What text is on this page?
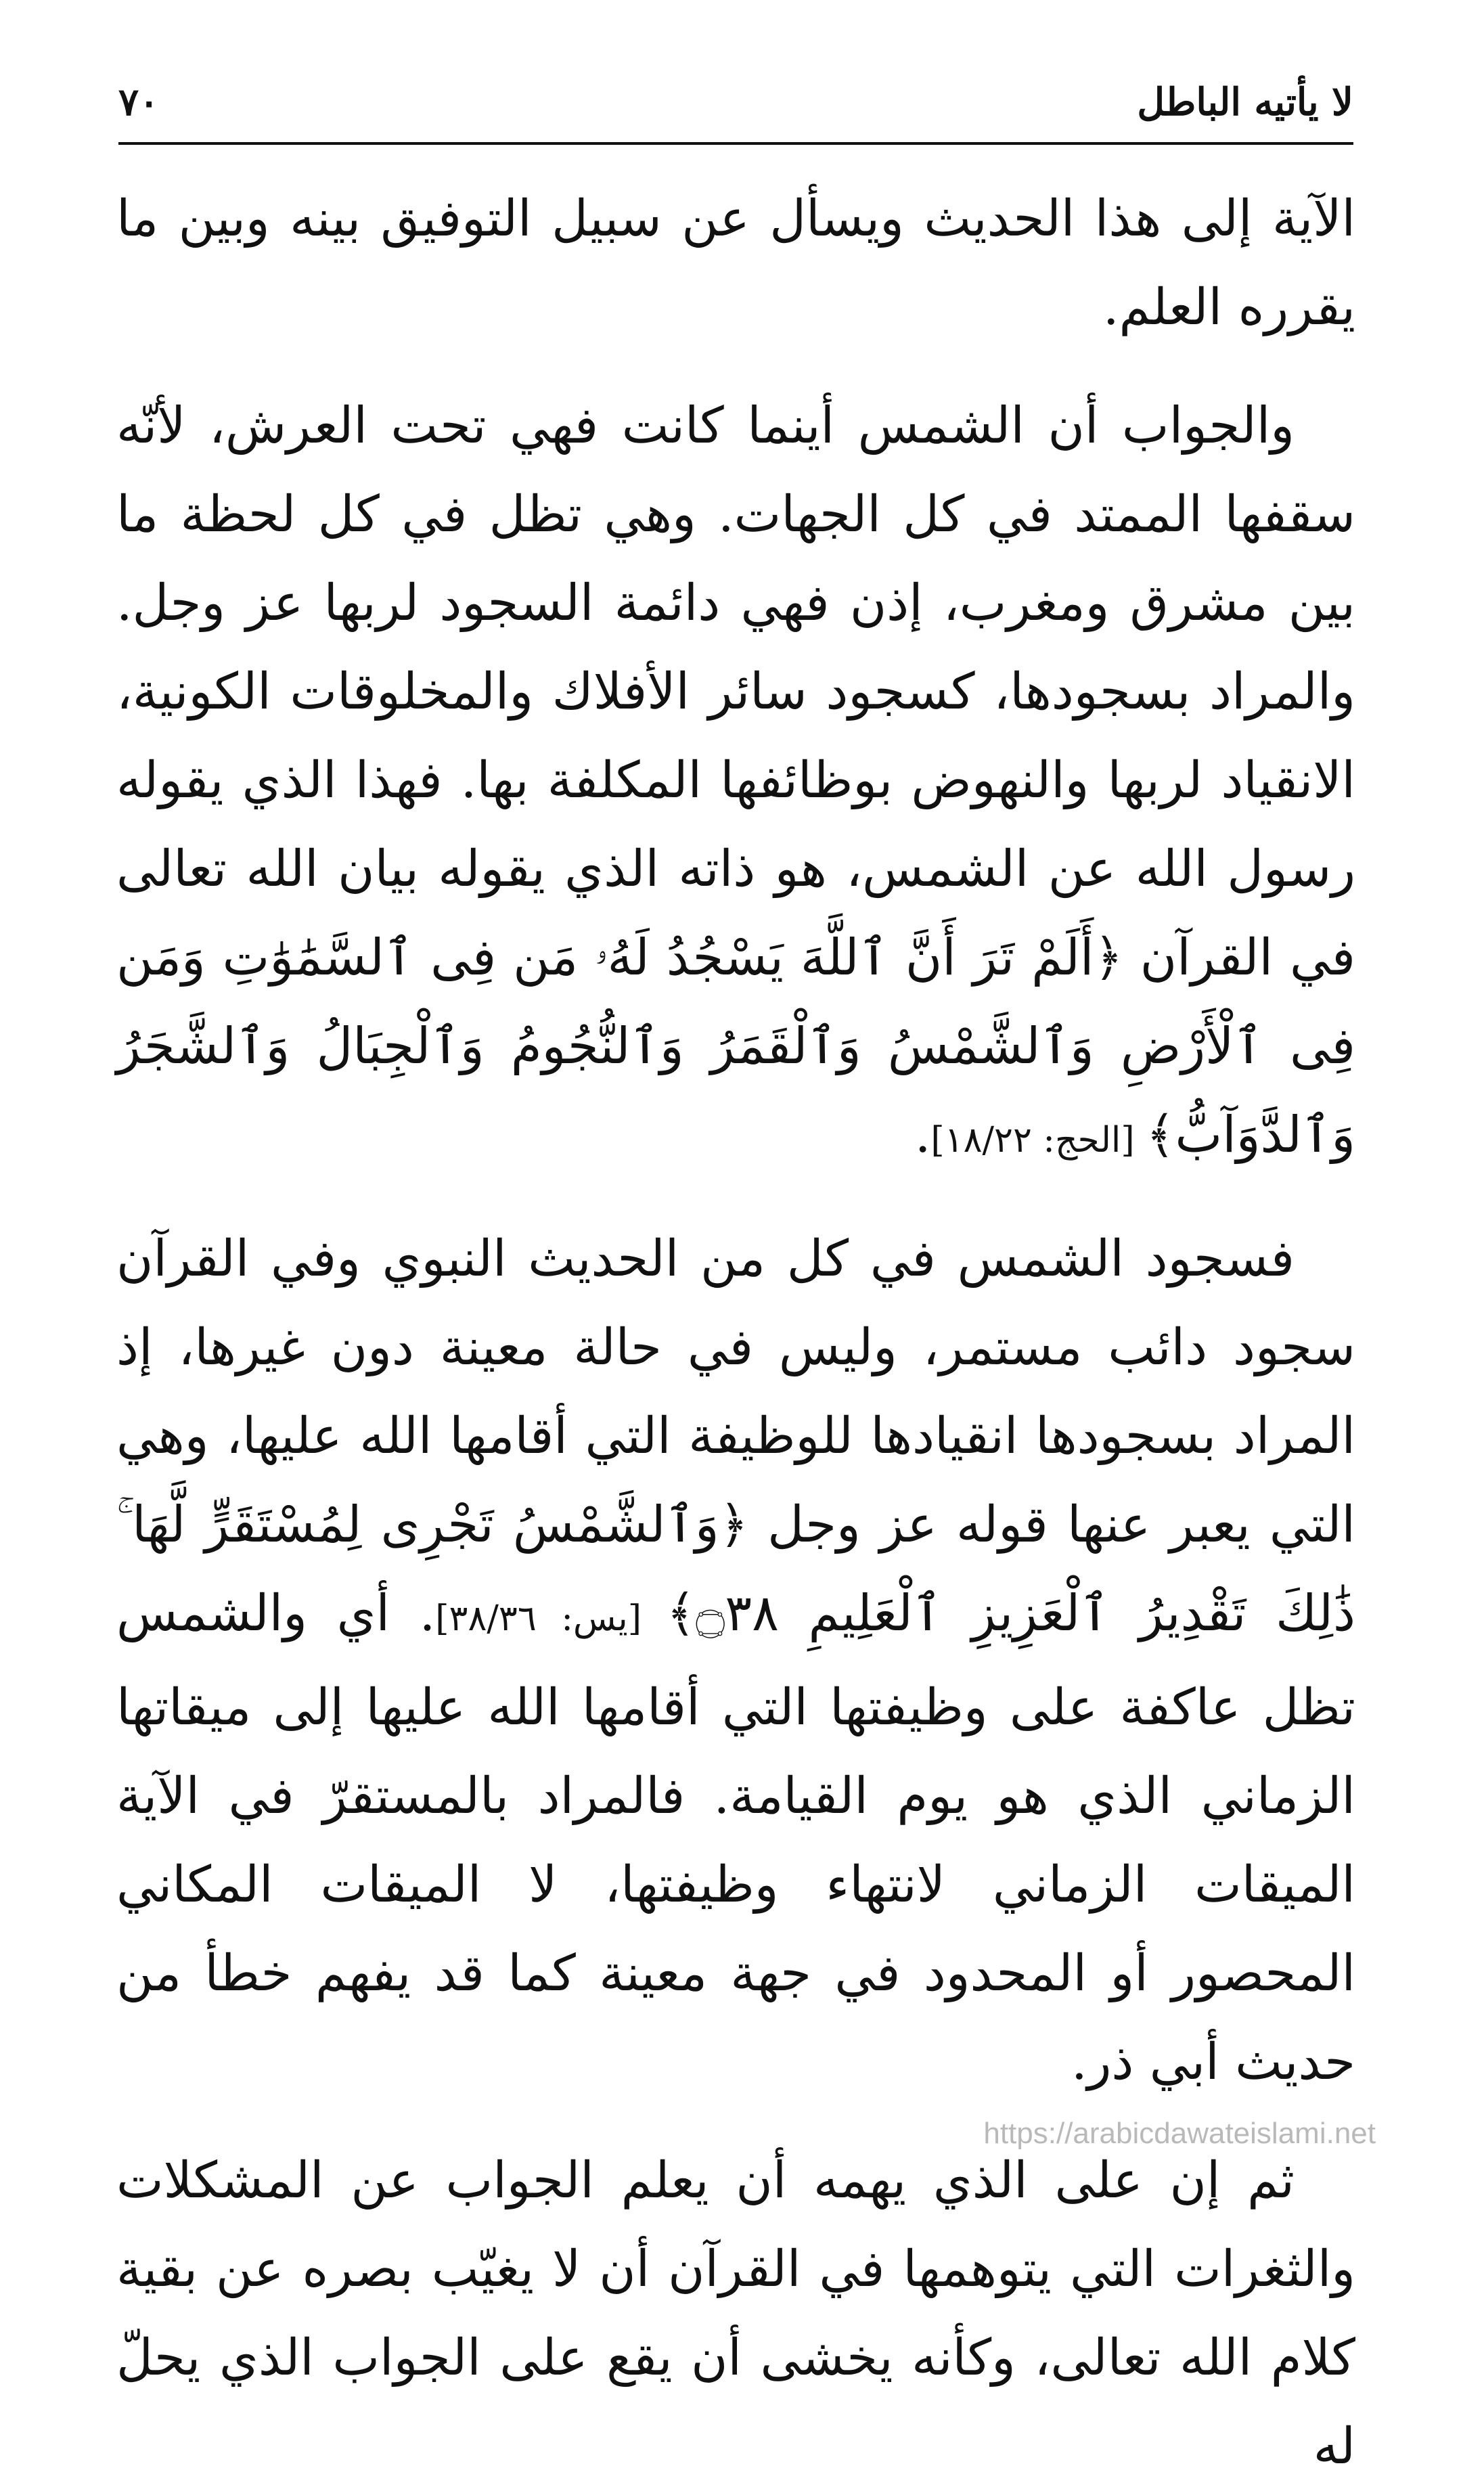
لا يأتيه الباطل
٧٠

الآية إلى هذا الحديث ويسأل عن سبيل التوفيق بينه وبين ما يقرره العلم.

والجواب أن الشمس أينما كانت فهي تحت العرش، لأنّه سقفها الممتد في كل الجهات. وهي تظل في كل لحظة ما بين مشرق ومغرب، إذن فهي دائمة السجود لربها عز وجل. والمراد بسجودها، كسجود سائر الأفلاك والمخلوقات الكونية، الانقياد لربها والنهوض بوظائفها المكلفة بها. فهذا الذي يقوله رسول الله عن الشمس، هو ذاته الذي يقوله بيان الله تعالى في القرآن ﴿أَلَمْ تَرَ أَنَّ ٱللَّهَ يَسْجُدُ لَهُۥ مَن فِى ٱلسَّمَٰوَٰتِ وَمَن فِى ٱلْأَرْضِ وَٱلشَّمْسُ وَٱلْقَمَرُ وَٱلنُّجُومُ وَٱلْجِبَالُ وَٱلشَّجَرُ وَٱلدَّوَآبُّ﴾ [الحج: ١٨/٢٢].

فسجود الشمس في كل من الحديث النبوي وفي القرآن سجود دائب مستمر، وليس في حالة معينة دون غيرها، إذ المراد بسجودها انقيادها للوظيفة التي أقامها الله عليها، وهي التي يعبر عنها قوله عز وجل ﴿وَٱلشَّمْسُ تَجْرِى لِمُسْتَقَرٍّ لَّهَا ۚ ذَٰلِكَ تَقْدِيرُ ٱلْعَزِيزِ ٱلْعَلِيمِ ۝٣٨﴾ [يس: ٣٨/٣٦]. أي والشمس تظل عاكفة على وظيفتها التي أقامها الله عليها إلى ميقاتها الزماني الذي هو يوم القيامة. فالمراد بالمستقرّ في الآية الميقات الزماني لانتهاء وظيفتها، لا الميقات المكاني المحصور أو المحدود في جهة معينة كما قد يفهم خطأ من حديث أبي ذر.

ثم إن على الذي يهمه أن يعلم الجواب عن المشكلات والثغرات التي يتوهمها في القرآن أن لا يغيّب بصره عن بقية كلام الله تعالى، وكأنه يخشى أن يقع على الجواب الذي يحلّ له

https://arabicdawateislami.net
